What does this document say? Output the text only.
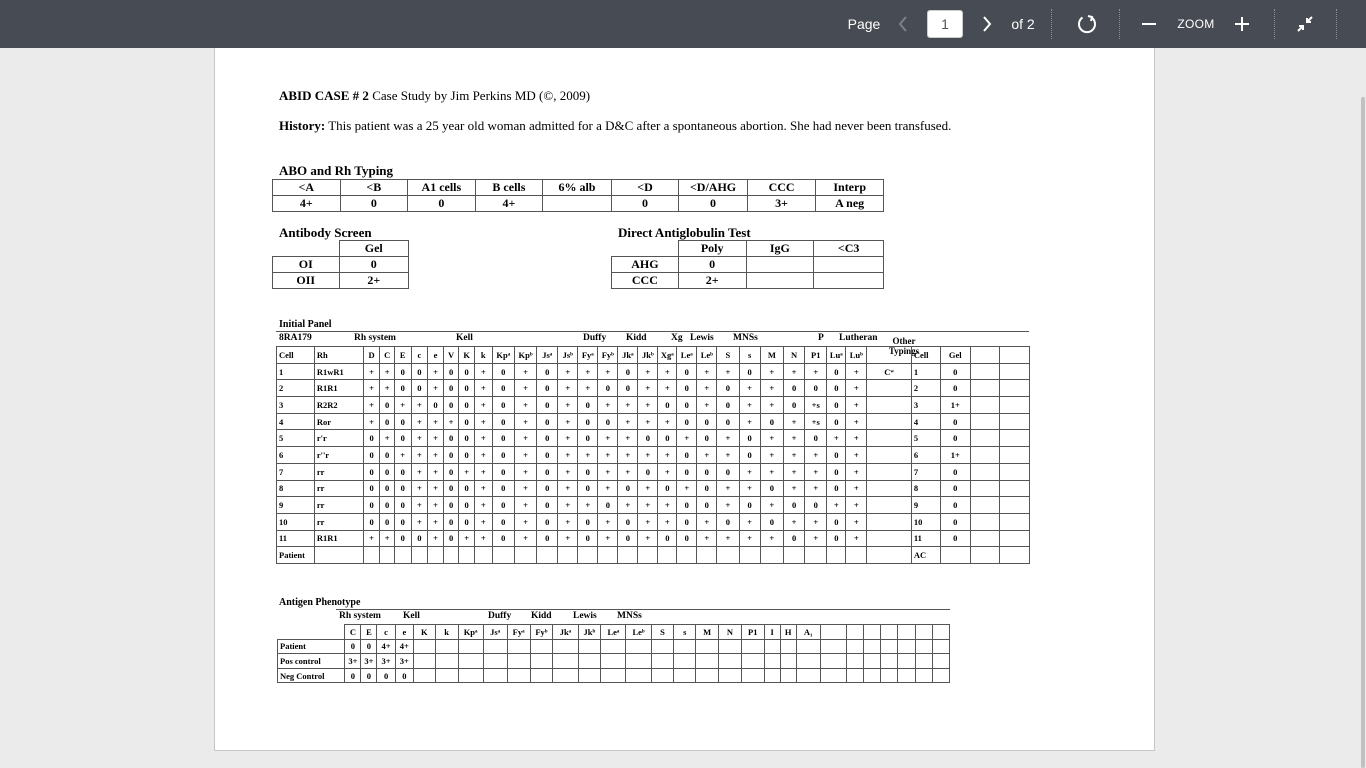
Page
1	of 2	ZOOM
ABID CASE # 2 Case Study by Jim Perkins MD (©, 2009)
History: This patient was a 25 year old woman admitted for a D&C after a spontaneous abortion. She had never been transfused.
ABO and Rh Typing
<A	<B	A1 cells	B cells	6% alb	<D	<D/AHG	CCC	Interp
4+	0	0	4+		0	0	3+	A neg
Antibody Screen
	Gel
OI	0
OII	2+
Direct Antiglobulin Test
	Poly	IgG	<C3
AHG	0		
CCC	2+		
Initial Panel
8RA179	Rh system	Kell	Duffy Kidd	Xg Lewis MNSs	P Lutheran	Other Typings
Cell	Rh	D	C	E	c	e	V	K	k	Kpᵃ	Kpᵇ	Jsᵃ	Jsᵇ	Fyᵃ	Fyᵇ	Jkᵃ	Jkᵇ	Xgᵃ	Leᵃ	Leᵇ	S	s	M	N	P1	Luᵃ	Luᵇ		Cell	Gel		
1	R1wR1	+	+	0	0	+	0	0	+	0	+	0	+	+	+	0	+	+	0	+	+	0	+	+	+	0	+	Cʷ	1	0		
2	R1R1	+	+	0	0	+	0	0	+	0	+	0	+	+	0	0	+	+	0	+	0	+	+	0	0	0	+		2	0		
3	R2R2	+	0	+	+	0	0	0	+	0	+	0	+	0	+	+	+	0	0	+	0	+	+	0	+s	0	+		3	1+		
4	Ror	+	0	0	+	+	+	0	+	0	+	0	+	0	0	+	+	+	0	0	0	+	0	+	+s	0	+		4	0		
5	r'r	0	+	0	+	+	0	0	+	0	+	0	+	0	+	+	0	0	+	0	+	0	+	+	0	+	+		5	0		
6	r''r	0	0	+	+	+	0	0	+	0	+	0	+	+	+	+	+	+	0	+	+	0	+	+	+	0	+		6	1+		
7	rr	0	0	0	+	+	0	+	+	0	+	0	+	0	+	+	0	+	0	0	0	+	+	+	+	0	+		7	0		
8	rr	0	0	0	+	+	0	0	+	0	+	0	+	0	+	0	+	0	+	0	+	+	0	+	+	0	+		8	0		
9	rr	0	0	0	+	+	0	0	+	0	+	0	+	+	0	+	+	+	0	0	+	0	+	0	0	+	+		9	0		
10	rr	0	0	0	+	+	0	0	+	0	+	0	+	0	+	0	+	+	0	+	0	+	0	+	+	0	+		10	0		
11	R1R1	+	+	0	0	+	0	+	+	0	+	0	+	0	+	0	+	0	0	+	+	+	+	0	+	0	+		11	0		
Patient																													AC			
Antigen Phenotype
Rh system Kell	Duffy Kidd Lewis MNSs
	C	E	c	e	K	k	Kpᵃ	Jsᵃ	Fyᵃ	Fyᵇ	Jkᵃ	Jkᵇ	Leᵃ	Leᵇ	S	s	M	N	P1	I	H	A₁							
Patient	0	0	4+	4+																									
Pos control	3+	3+	3+	3+																									
Neg Control	0	0	0	0																									
